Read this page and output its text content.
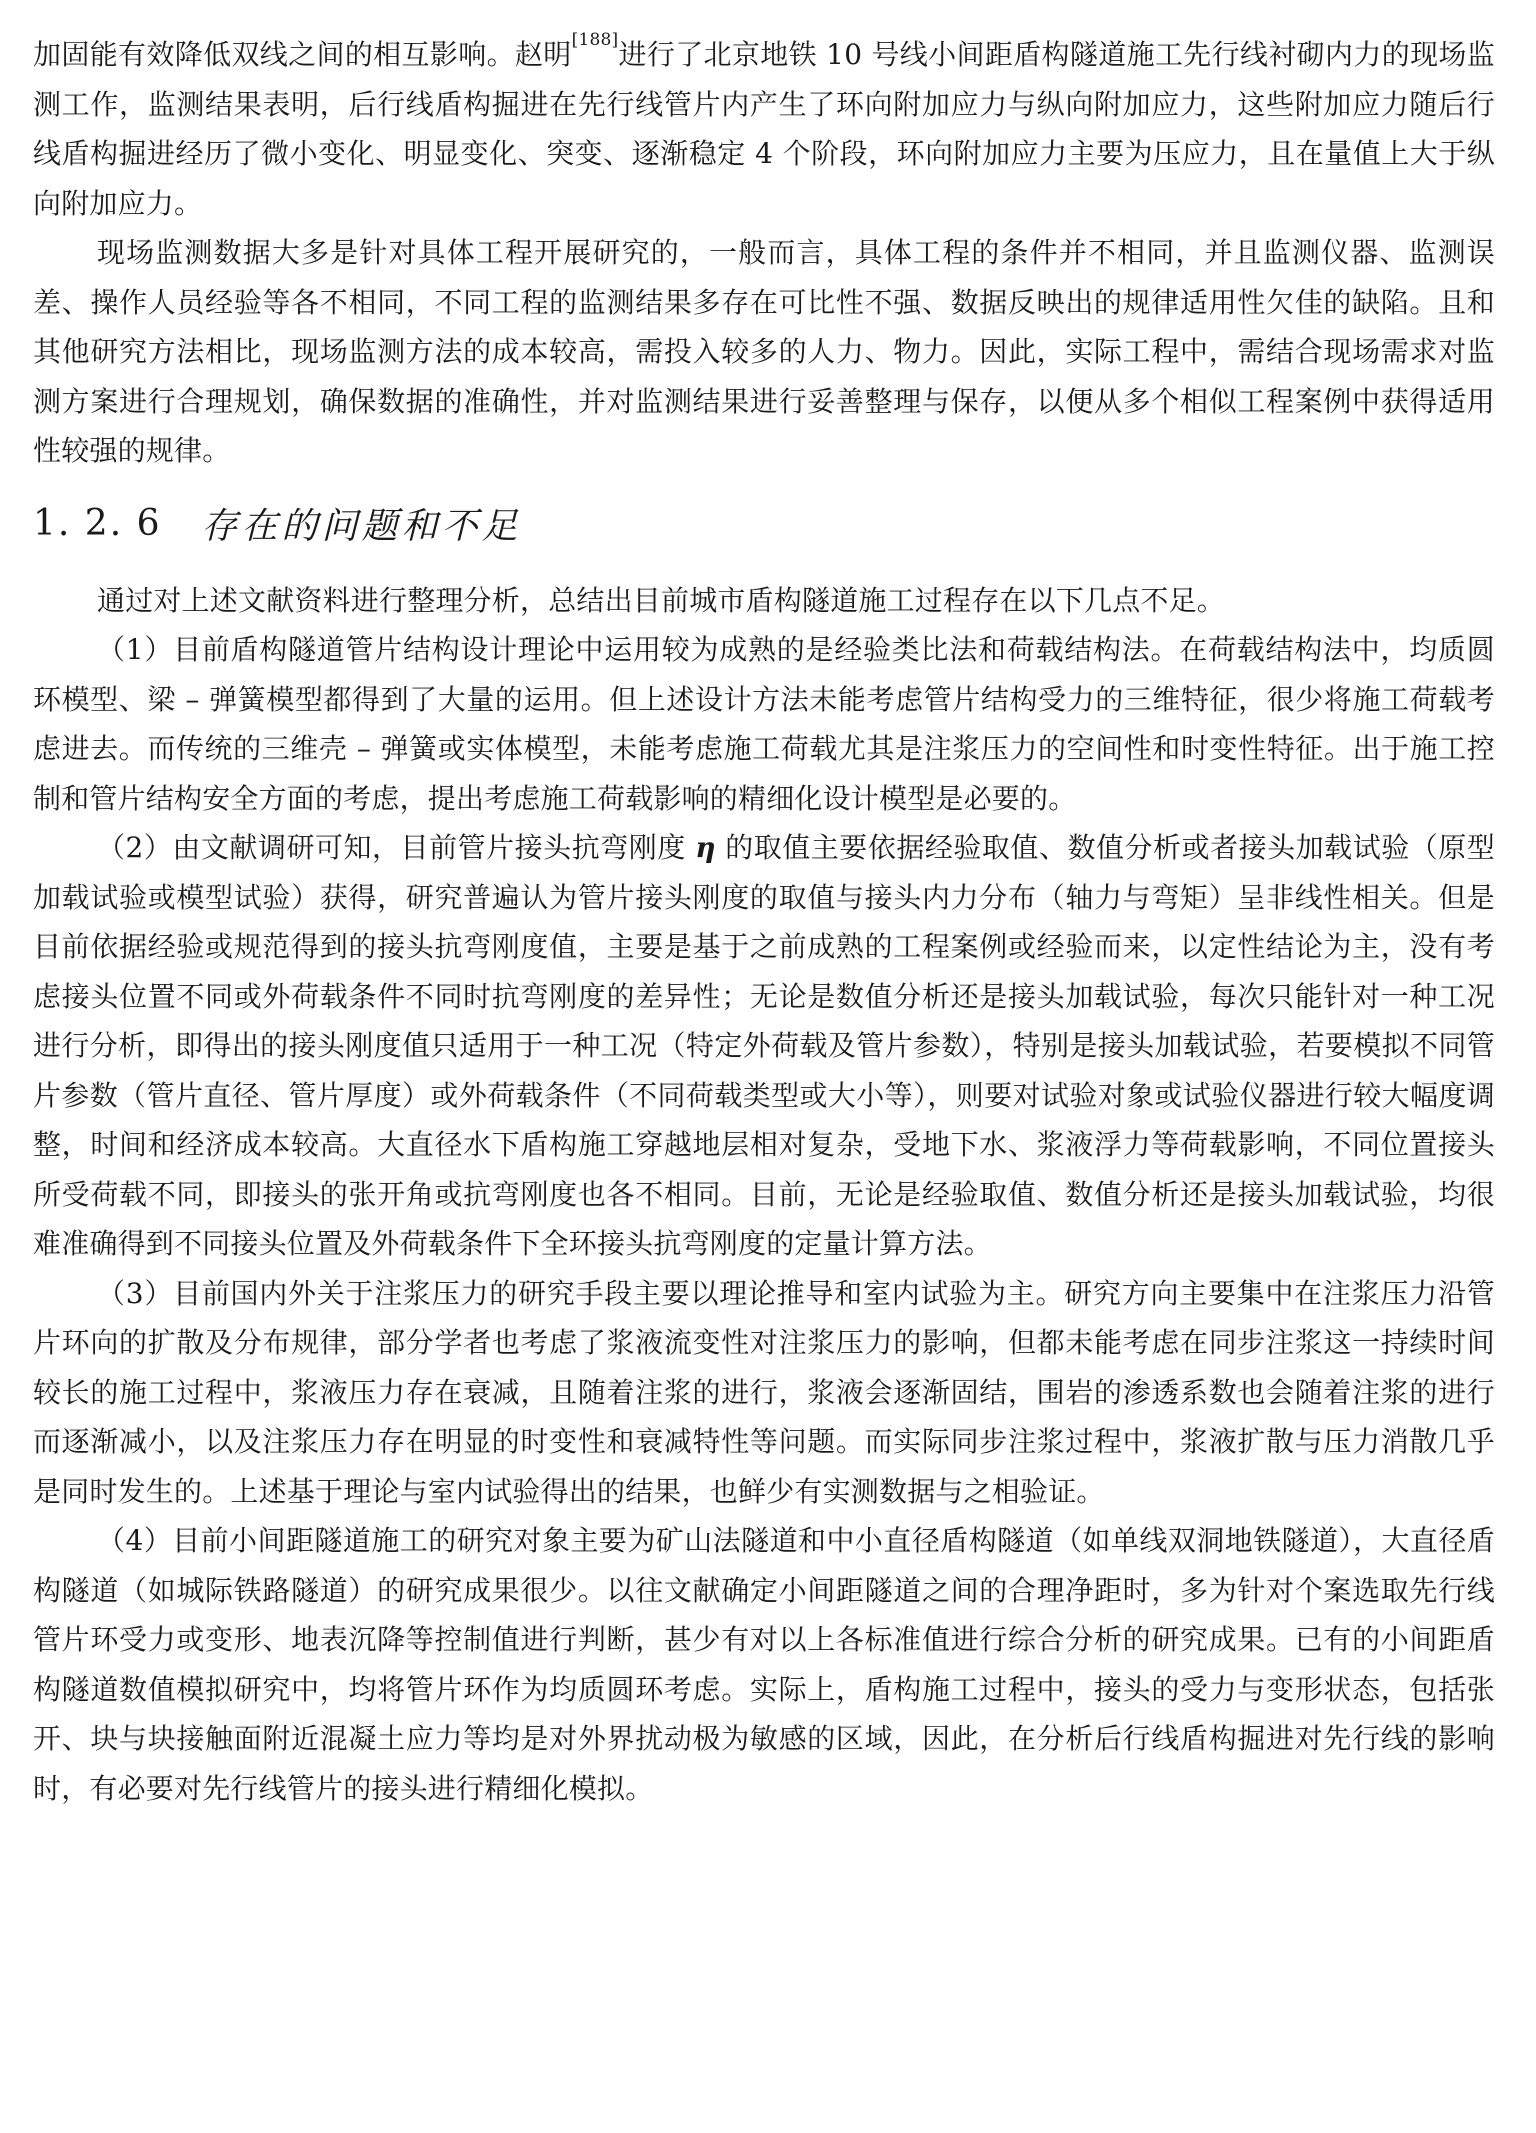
加固能有效降低双线之间的相互影响。赵明[188]进行了北京地铁 10 号线小间距盾构隧道施工先行线衬砌内力的现场监测工作，监测结果表明，后行线盾构掘进在先行线管片内产生了环向附加应力与纵向附加应力，这些附加应力随后行线盾构掘进经历了微小变化、明显变化、突变、逐渐稳定 4 个阶段，环向附加应力主要为压应力，且在量值上大于纵向附加应力。

现场监测数据大多是针对具体工程开展研究的，一般而言，具体工程的条件并不相同，并且监测仪器、监测误差、操作人员经验等各不相同，不同工程的监测结果多存在可比性不强、数据反映出的规律适用性欠佳的缺陷。且和其他研究方法相比，现场监测方法的成本较高，需投入较多的人力、物力。因此，实际工程中，需结合现场需求对监测方案进行合理规划，确保数据的准确性，并对监测结果进行妥善整理与保存，以便从多个相似工程案例中获得适用性较强的规律。

1. 2. 6 存在的问题和不足

通过对上述文献资料进行整理分析，总结出目前城市盾构隧道施工过程存在以下几点不足。

（1）目前盾构隧道管片结构设计理论中运用较为成熟的是经验类比法和荷载结构法。在荷载结构法中，均质圆环模型、梁 – 弹簧模型都得到了大量的运用。但上述设计方法未能考虑管片结构受力的三维特征，很少将施工荷载考虑进去。而传统的三维壳 – 弹簧或实体模型，未能考虑施工荷载尤其是注浆压力的空间性和时变性特征。出于施工控制和管片结构安全方面的考虑，提出考虑施工荷载影响的精细化设计模型是必要的。

（2）由文献调研可知，目前管片接头抗弯刚度 η 的取值主要依据经验取值、数值分析或者接头加载试验（原型加载试验或模型试验）获得，研究普遍认为管片接头刚度的取值与接头内力分布（轴力与弯矩）呈非线性相关。但是目前依据经验或规范得到的接头抗弯刚度值，主要是基于之前成熟的工程案例或经验而来，以定性结论为主，没有考虑接头位置不同或外荷载条件不同时抗弯刚度的差异性；无论是数值分析还是接头加载试验，每次只能针对一种工况进行分析，即得出的接头刚度值只适用于一种工况（特定外荷载及管片参数），特别是接头加载试验，若要模拟不同管片参数（管片直径、管片厚度）或外荷载条件（不同荷载类型或大小等），则要对试验对象或试验仪器进行较大幅度调整，时间和经济成本较高。大直径水下盾构施工穿越地层相对复杂，受地下水、浆液浮力等荷载影响，不同位置接头所受荷载不同，即接头的张开角或抗弯刚度也各不相同。目前，无论是经验取值、数值分析还是接头加载试验，均很难准确得到不同接头位置及外荷载条件下全环接头抗弯刚度的定量计算方法。

（3）目前国内外关于注浆压力的研究手段主要以理论推导和室内试验为主。研究方向主要集中在注浆压力沿管片环向的扩散及分布规律，部分学者也考虑了浆液流变性对注浆压力的影响，但都未能考虑在同步注浆这一持续时间较长的施工过程中，浆液压力存在衰减，且随着注浆的进行，浆液会逐渐固结，围岩的渗透系数也会随着注浆的进行而逐渐减小，以及注浆压力存在明显的时变性和衰减特性等问题。而实际同步注浆过程中，浆液扩散与压力消散几乎是同时发生的。上述基于理论与室内试验得出的结果，也鲜少有实测数据与之相验证。

（4）目前小间距隧道施工的研究对象主要为矿山法隧道和中小直径盾构隧道（如单线双洞地铁隧道），大直径盾构隧道（如城际铁路隧道）的研究成果很少。以往文献确定小间距隧道之间的合理净距时，多为针对个案选取先行线管片环受力或变形、地表沉降等控制值进行判断，甚少有对以上各标准值进行综合分析的研究成果。已有的小间距盾构隧道数值模拟研究中，均将管片环作为均质圆环考虑。实际上，盾构施工过程中，接头的受力与变形状态，包括张开、块与块接触面附近混凝土应力等均是对外界扰动极为敏感的区域，因此，在分析后行线盾构掘进对先行线的影响时，有必要对先行线管片的接头进行精细化模拟。
